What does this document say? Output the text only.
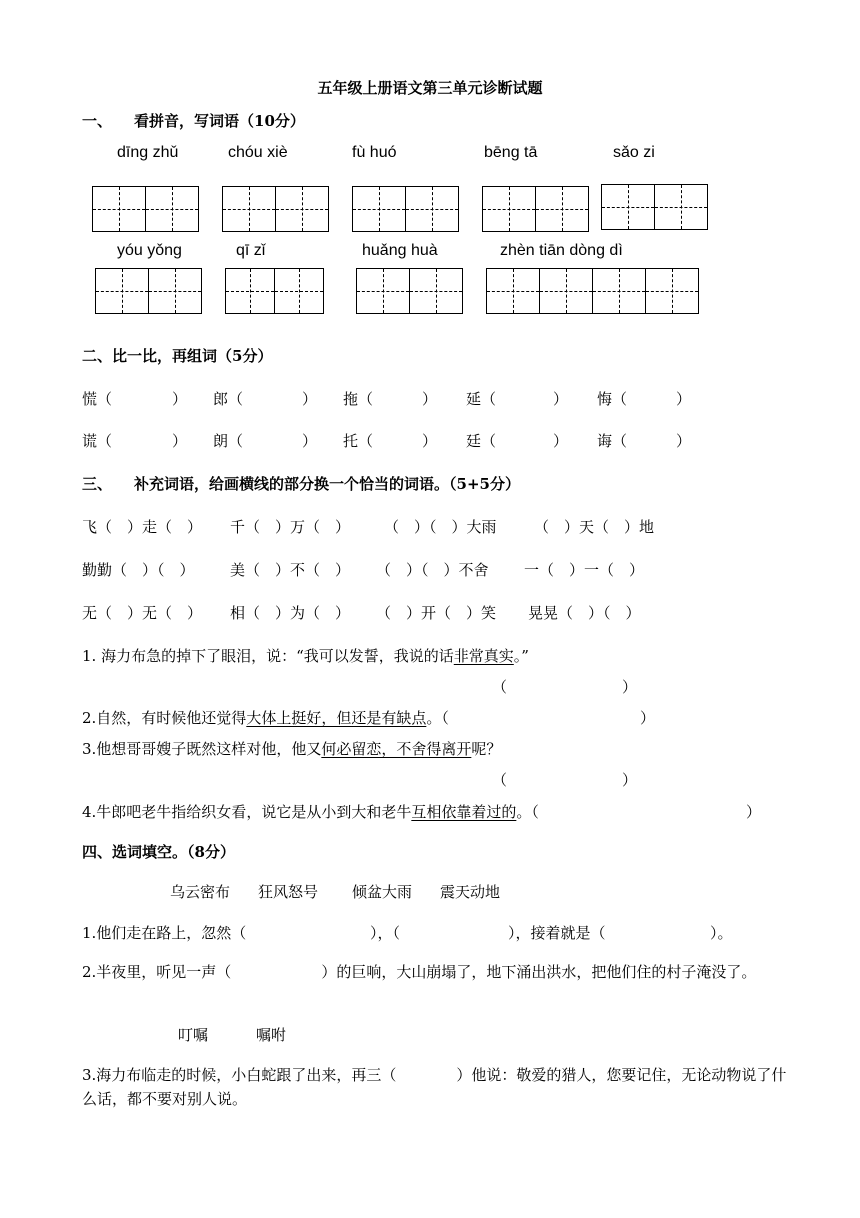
五年级上册语文第三单元诊断试题
一、 看拼音，写词语（10分）
dīng zhǔ	chóu xiè	fù huó	bēng tā	sǎo zi
yóu yǒng	qī zǐ	huǎng huà	zhèn tiān dòng dì
二、比一比，再组词（5分）
慌（	） 郎（	） 拖（	） 延（	） 悔（	）
谎（	） 朗（	） 托（	） 廷（	） 诲（	）
三、 补充词语，给画横线的部分换一个恰当的词语。（5+5分）
飞（　）走（　） 千（　）万（　） （　）（　）大雨 （　）天（　）地
勤勤（　）（　） 美（　）不（　） （　）（　）不舍 一（　）一（　）
无（　）无（　） 相（　）为（　） （　）开（　）笑 晃晃（　）（　）
1. 海力布急的掉下了眼泪，说：“我可以发誓，我说的话非常真实。”
（	）
2.自然，有时候他还觉得大体上挺好，但还是有缺点。（	）
3.他想哥哥嫂子既然这样对他，他又何必留恋，不舍得离开呢？
（	）
4.牛郎吧老牛指给织女看，说它是从小到大和老牛互相依靠着过的。（	）
四、选词填空。（8分）
乌云密布 狂风怒号 倾盆大雨 震天动地
1.他们走在路上，忽然（	），（	），接着就是（	）。
2.半夜里，听见一声（　　　　　　）的巨响，大山崩塌了，地下涌出洪水，把他们住的村子淹没了。
叮嘱	嘱咐
3.海力布临走的时候，小白蛇跟了出来，再三（　　　　）他说：敬爱的猎人，您要记住，无论动物说了什么话，都不要对别人说。
